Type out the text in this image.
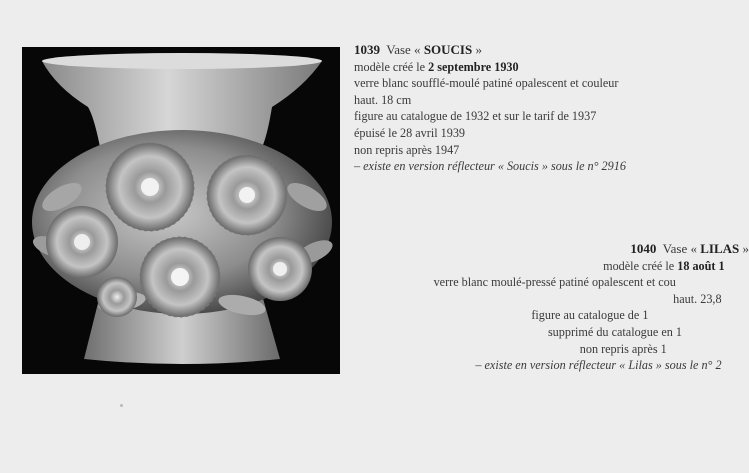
1039 Vase « SOUCIS »
modèle créé le 2 septembre 1930
verre blanc soufflé-moulé patiné opalescent et couleur
haut. 18 cm
figure au catalogue de 1932 et sur le tarif de 1937
épuisé le 28 avril 1939
non repris après 1947
– existe en version réflecteur « Soucis » sous le n° 2916
1040 Vase « LILAS »
modèle créé le 18 août 1
verre blanc moulé-pressé patiné opalescent et cou
haut. 23,8
figure au catalogue de 1
supprimé du catalogue en 1
non repris après 1
– existe en version réflecteur « Lilas » sous le n° 2
